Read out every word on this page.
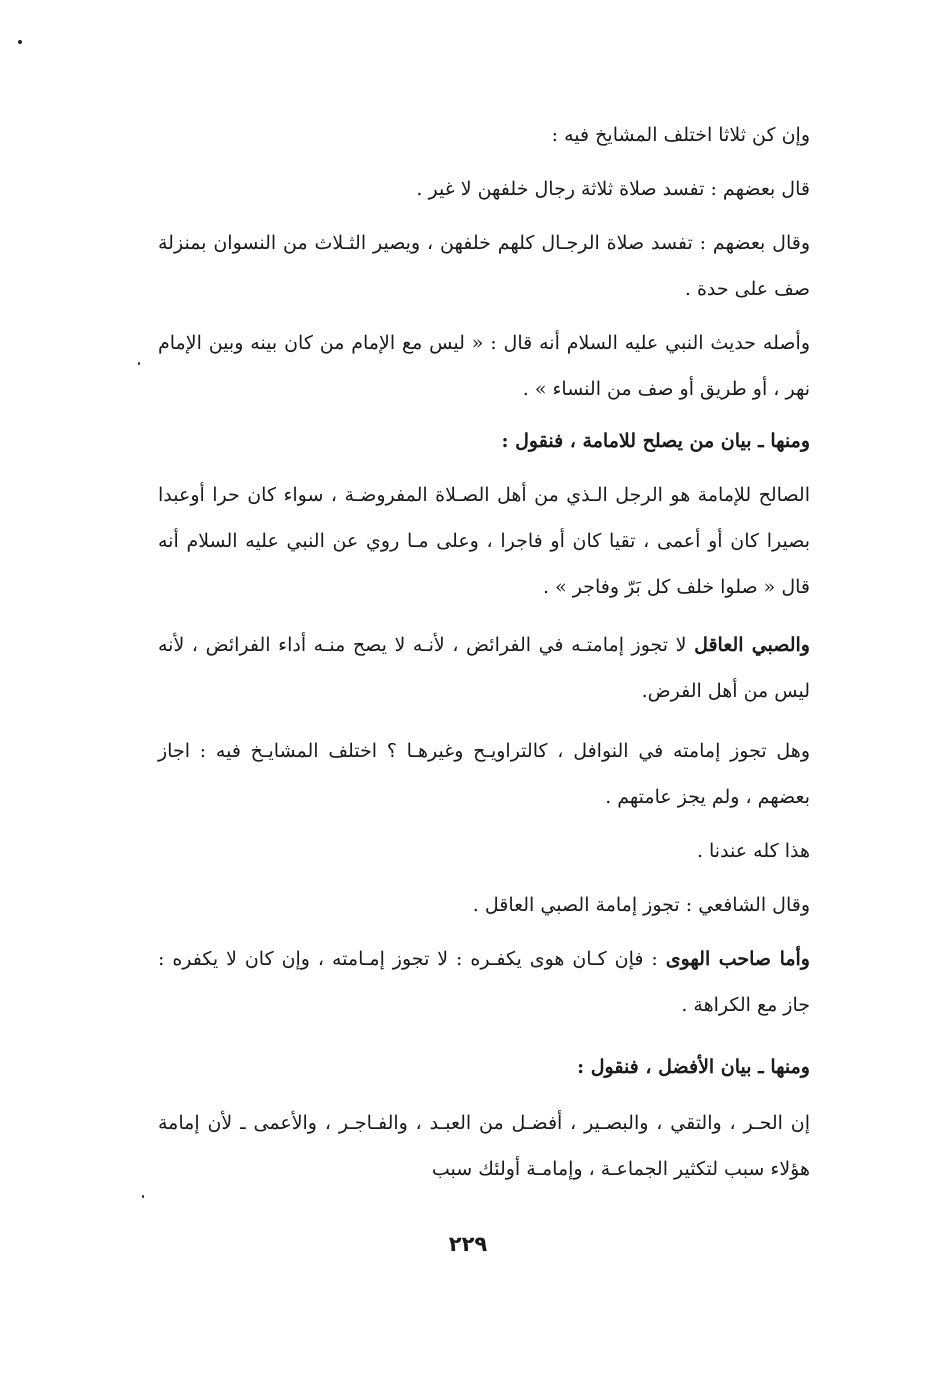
وإن كن ثلاثا اختلف المشايخ فيه :
قال بعضهم : تفسد صلاة ثلاثة رجال خلفهن لا غير .
وقال بعضهم : تفسد صلاة الرجـال كلهم خلفهن ، ويصير الثـلاث من النسوان بمنزلة صف على حدة .
وأصله حديث النبي عليه السلام أنه قال : « ليس مع الإمام من كان بينه وبين الإمام نهر ، أو طريق أو صف من النساء » .
ومنها ـ بيان من يصلح للامامة ، فنقول :
الصالح للإمامة هو الرجل الـذي من أهل الصـلاة المفروضـة ، سواء كان حرا أوعبدا بصيرا كان أو أعمى ، تقيا كان أو فاجرا ، وعلى مـا روي عن النبي عليه السلام أنه قال « صلوا خلف كل بَرّ وفاجر » .
والصبي العاقل لا تجوز إمامتـه في الفرائض ، لأنـه لا يصح منـه أداء الفرائض ، لأنه ليس من أهل الفرض.
وهل تجوز إمامته في النوافل ، كالتراويـح وغيرهـا ؟ اختلف المشايـخ فيه : اجاز بعضهم ، ولم يجز عامتهم .
هذا كله عندنا .
وقال الشافعي : تجوز إمامة الصبي العاقل .
وأما صاحب الهوى : فإن كـان هوى يكفـره : لا تجوز إمـامته ، وإن كان لا يكفره : جاز مع الكراهة .
ومنها ـ بيان الأفضل ، فنقول :
إن الحـر ، والتقي ، والبصـير ، أفضـل من العبـد ، والفـاجـر ، والأعمى ـ لأن إمامة هؤلاء سبب لتكثير الجماعـة ، وإمامـة أولئك سبب
٢٢٩
